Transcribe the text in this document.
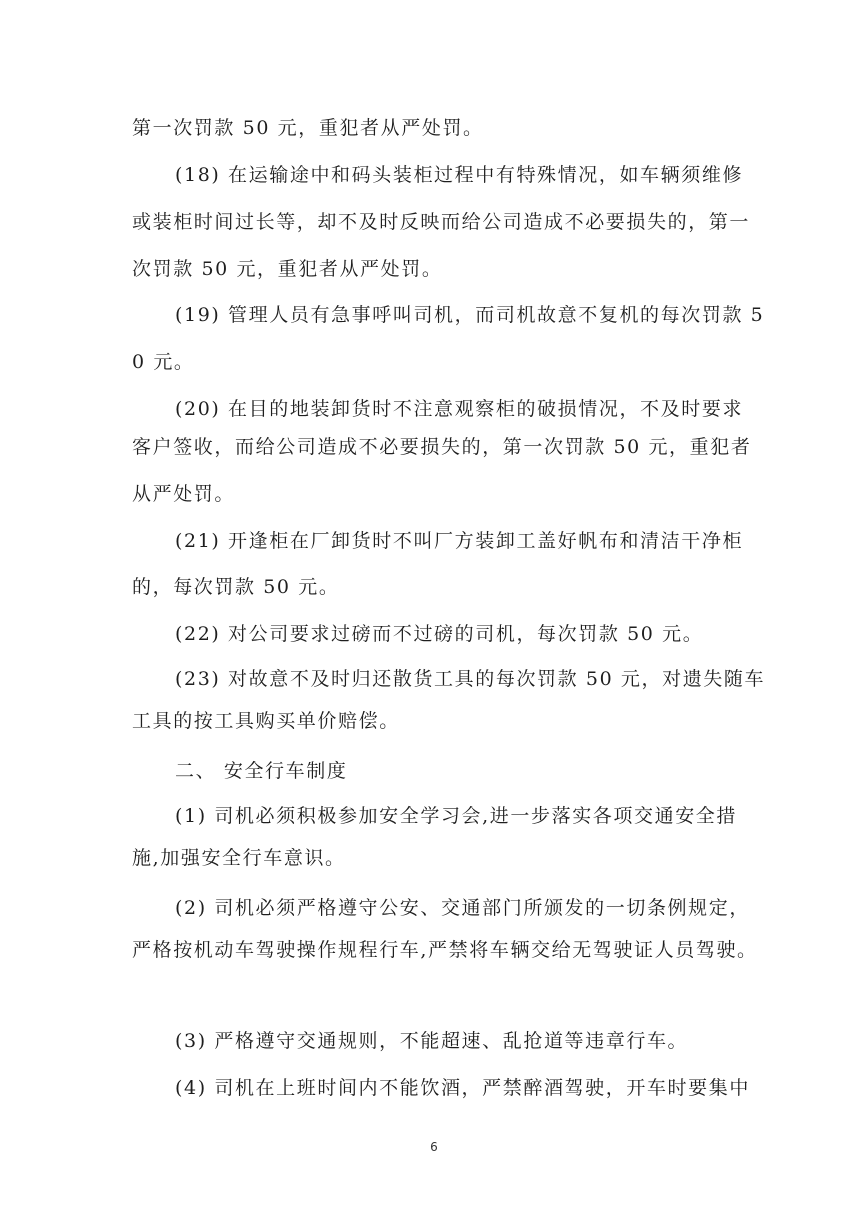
第一次罚款 50 元，重犯者从严处罚。
(18) 在运输途中和码头装柜过程中有特殊情况，如车辆须维修
或装柜时间过长等，却不及时反映而给公司造成不必要损失的，第一
次罚款 50 元，重犯者从严处罚。
(19) 管理人员有急事呼叫司机，而司机故意不复机的每次罚款 5
0 元。
(20) 在目的地装卸货时不注意观察柜的破损情况，不及时要求
客户签收，而给公司造成不必要损失的，第一次罚款 50 元，重犯者
从严处罚。
(21) 开逢柜在厂卸货时不叫厂方装卸工盖好帆布和清洁干净柜
的，每次罚款 50 元。
(22) 对公司要求过磅而不过磅的司机，每次罚款 50 元。
(23) 对故意不及时归还散货工具的每次罚款 50 元，对遗失随车
工具的按工具购买单价赔偿。
二、 安全行车制度
(1) 司机必须积极参加安全学习会,进一步落实各项交通安全措
施,加强安全行车意识。
(2) 司机必须严格遵守公安、交通部门所颁发的一切条例规定，
严格按机动车驾驶操作规程行车,严禁将车辆交给无驾驶证人员驾驶。
(3) 严格遵守交通规则，不能超速、乱抢道等违章行车。
(4) 司机在上班时间内不能饮酒，严禁醉酒驾驶，开车时要集中
6
